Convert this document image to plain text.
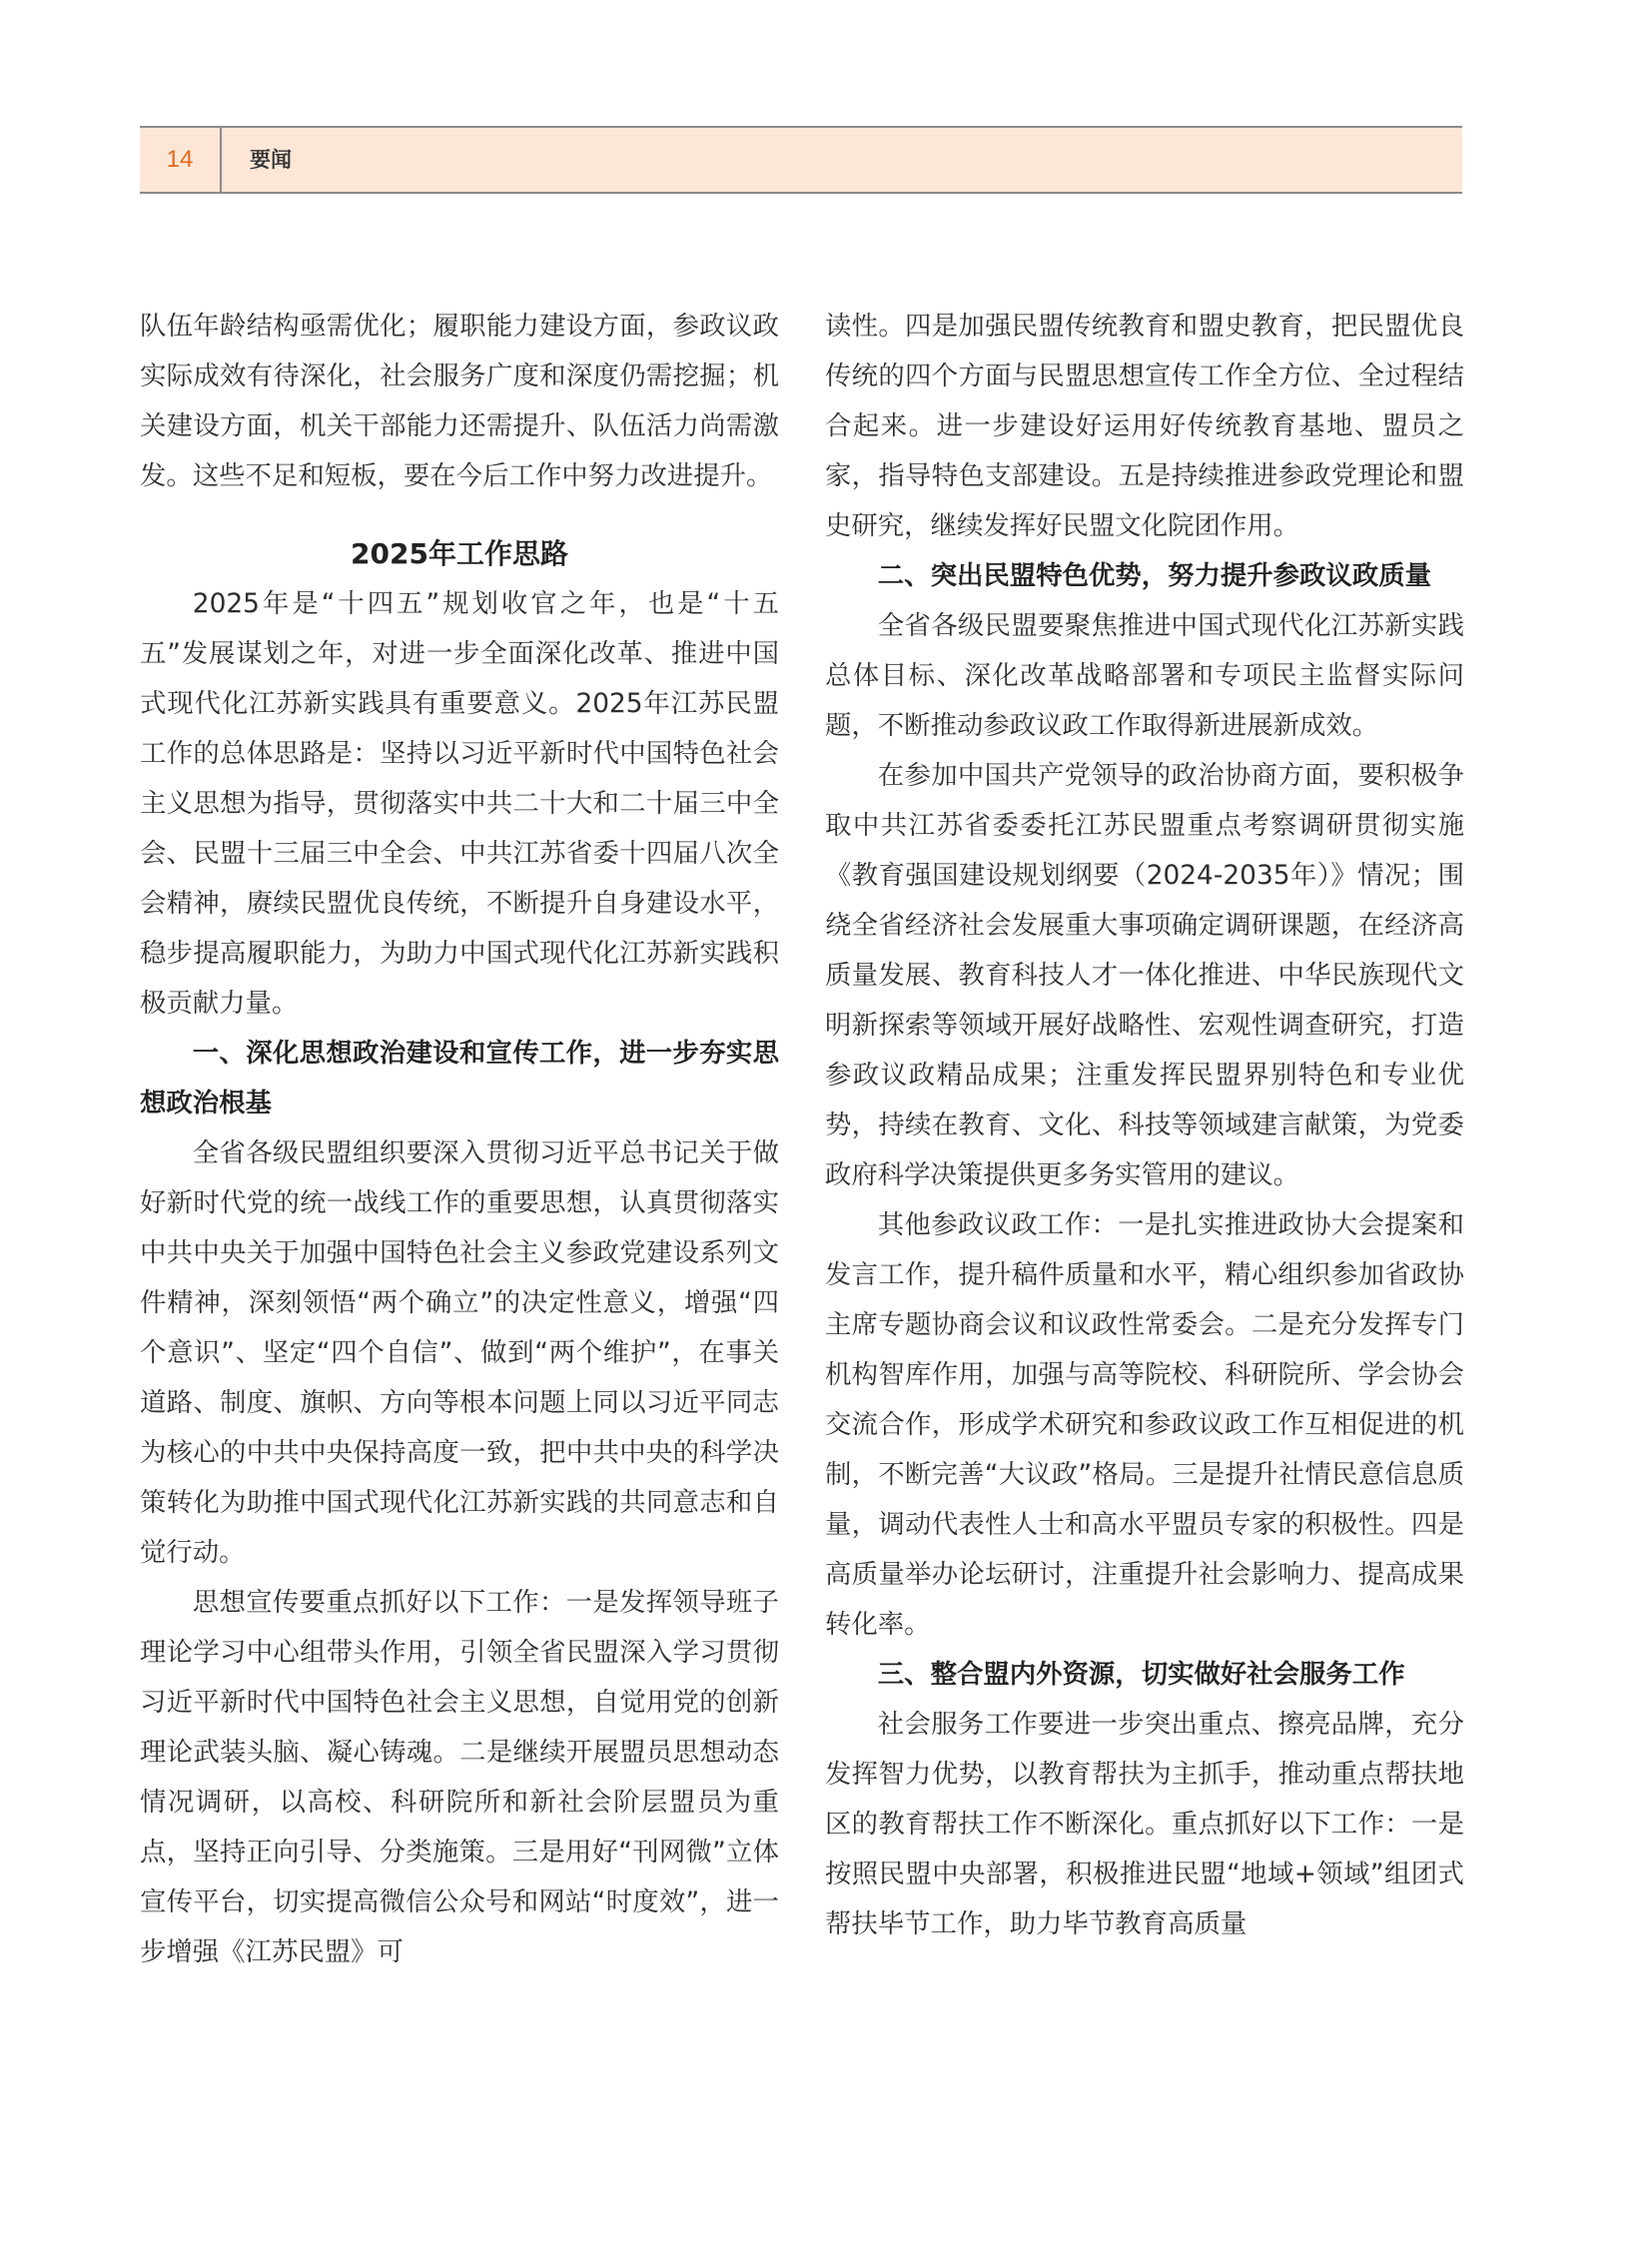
14	要闻

队伍年龄结构亟需优化；履职能力建设方面，参政议政实际成效有待深化，社会服务广度和深度仍需挖掘；机关建设方面，机关干部能力还需提升、队伍活力尚需激发。这些不足和短板，要在今后工作中努力改进提升。

2025年工作思路

2025年是“十四五”规划收官之年，也是“十五五”发展谋划之年，对进一步全面深化改革、推进中国式现代化江苏新实践具有重要意义。2025年江苏民盟工作的总体思路是：坚持以习近平新时代中国特色社会主义思想为指导，贯彻落实中共二十大和二十届三中全会、民盟十三届三中全会、中共江苏省委十四届八次全会精神，赓续民盟优良传统，不断提升自身建设水平，稳步提高履职能力，为助力中国式现代化江苏新实践积极贡献力量。

一、深化思想政治建设和宣传工作，进一步夯实思想政治根基

全省各级民盟组织要深入贯彻习近平总书记关于做好新时代党的统一战线工作的重要思想，认真贯彻落实中共中央关于加强中国特色社会主义参政党建设系列文件精神，深刻领悟“两个确立”的决定性意义，增强“四个意识”、坚定“四个自信”、做到“两个维护”，在事关道路、制度、旗帜、方向等根本问题上同以习近平同志为核心的中共中央保持高度一致，把中共中央的科学决策转化为助推中国式现代化江苏新实践的共同意志和自觉行动。

思想宣传要重点抓好以下工作：一是发挥领导班子理论学习中心组带头作用，引领全省民盟深入学习贯彻习近平新时代中国特色社会主义思想，自觉用党的创新理论武装头脑、凝心铸魂。二是继续开展盟员思想动态情况调研，以高校、科研院所和新社会阶层盟员为重点，坚持正向引导、分类施策。三是用好“刊网微”立体宣传平台，切实提高微信公众号和网站“时度效”，进一步增强《江苏民盟》可

读性。四是加强民盟传统教育和盟史教育，把民盟优良传统的四个方面与民盟思想宣传工作全方位、全过程结合起来。进一步建设好运用好传统教育基地、盟员之家，指导特色支部建设。五是持续推进参政党理论和盟史研究，继续发挥好民盟文化院团作用。

二、突出民盟特色优势，努力提升参政议政质量

全省各级民盟要聚焦推进中国式现代化江苏新实践总体目标、深化改革战略部署和专项民主监督实际问题，不断推动参政议政工作取得新进展新成效。

在参加中国共产党领导的政治协商方面，要积极争取中共江苏省委委托江苏民盟重点考察调研贯彻实施《教育强国建设规划纲要（2024-2035年）》情况；围绕全省经济社会发展重大事项确定调研课题，在经济高质量发展、教育科技人才一体化推进、中华民族现代文明新探索等领域开展好战略性、宏观性调查研究，打造参政议政精品成果；注重发挥民盟界别特色和专业优势，持续在教育、文化、科技等领域建言献策，为党委政府科学决策提供更多务实管用的建议。

其他参政议政工作：一是扎实推进政协大会提案和发言工作，提升稿件质量和水平，精心组织参加省政协主席专题协商会议和议政性常委会。二是充分发挥专门机构智库作用，加强与高等院校、科研院所、学会协会交流合作，形成学术研究和参政议政工作互相促进的机制，不断完善“大议政”格局。三是提升社情民意信息质量，调动代表性人士和高水平盟员专家的积极性。四是高质量举办论坛研讨，注重提升社会影响力、提高成果转化率。

三、整合盟内外资源，切实做好社会服务工作

社会服务工作要进一步突出重点、擦亮品牌，充分发挥智力优势，以教育帮扶为主抓手，推动重点帮扶地区的教育帮扶工作不断深化。重点抓好以下工作：一是按照民盟中央部署，积极推进民盟“地域+领域”组团式帮扶毕节工作，助力毕节教育高质量
